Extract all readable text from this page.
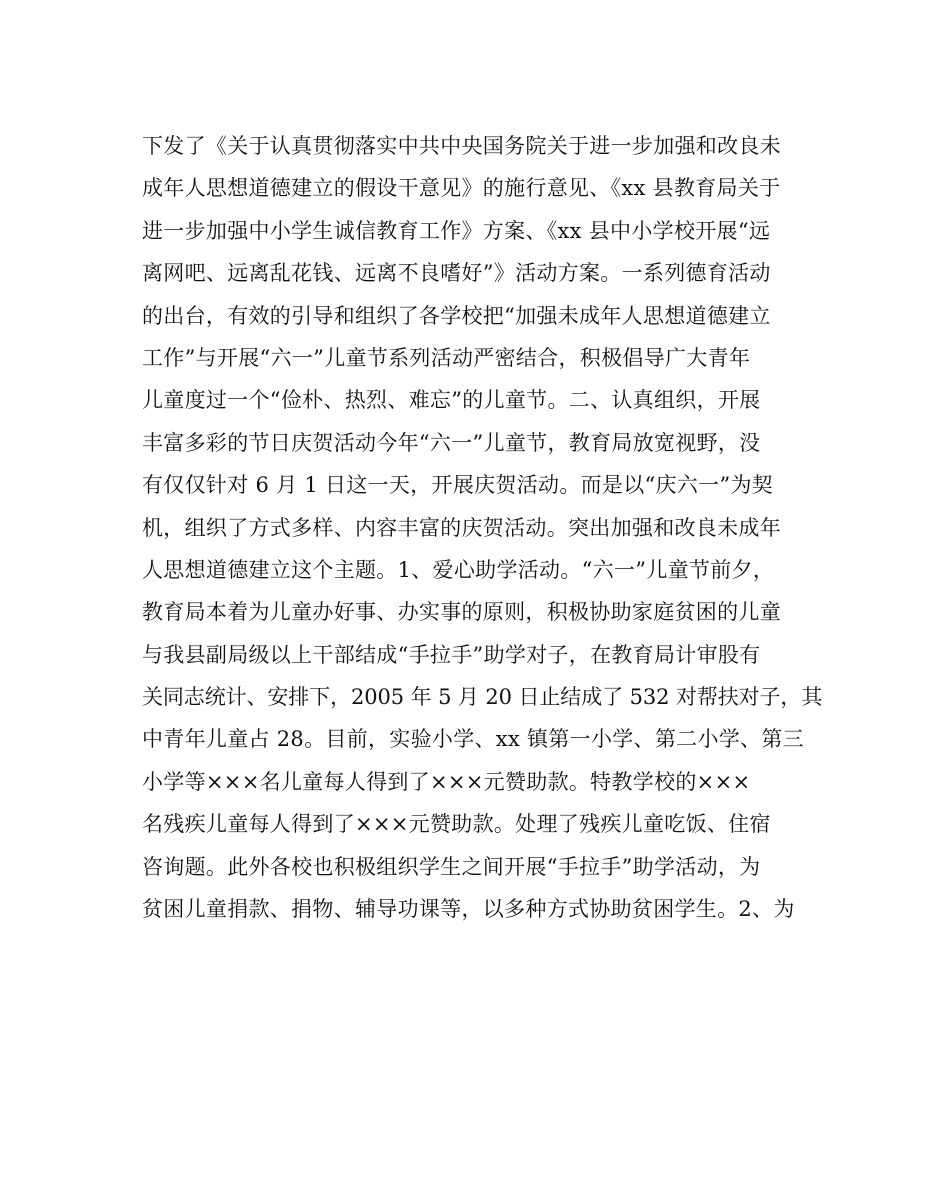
下发了《关于认真贯彻落实中共中央国务院关于进一步加强和改良未
成年人思想道德建立的假设干意见》的施行意见、《xx 县教育局关于
进一步加强中小学生诚信教育工作》方案、《xx 县中小学校开展“远
离网吧、远离乱花钱、远离不良嗜好”》活动方案。一系列德育活动
的出台，有效的引导和组织了各学校把“加强未成年人思想道德建立
工作”与开展“六一”儿童节系列活动严密结合，积极倡导广大青年
儿童度过一个“俭朴、热烈、难忘”的儿童节。二、认真组织，开展
丰富多彩的节日庆贺活动今年“六一”儿童节，教育局放宽视野，没
有仅仅针对 6 月 1 日这一天，开展庆贺活动。而是以“庆六一”为契
机，组织了方式多样、内容丰富的庆贺活动。突出加强和改良未成年
人思想道德建立这个主题。1、爱心助学活动。“六一”儿童节前夕，
教育局本着为儿童办好事、办实事的原则，积极协助家庭贫困的儿童
与我县副局级以上干部结成“手拉手”助学对子，在教育局计审股有
关同志统计、安排下，2005 年 5 月 20 日止结成了 532 对帮扶对子，其
中青年儿童占 28。目前，实验小学、xx 镇第一小学、第二小学、第三
小学等×××名儿童每人得到了×××元赞助款。特教学校的×××
名残疾儿童每人得到了×××元赞助款。处理了残疾儿童吃饭、住宿
咨询题。此外各校也积极组织学生之间开展“手拉手”助学活动，为
贫困儿童捐款、捐物、辅导功课等，以多种方式协助贫困学生。2、为
